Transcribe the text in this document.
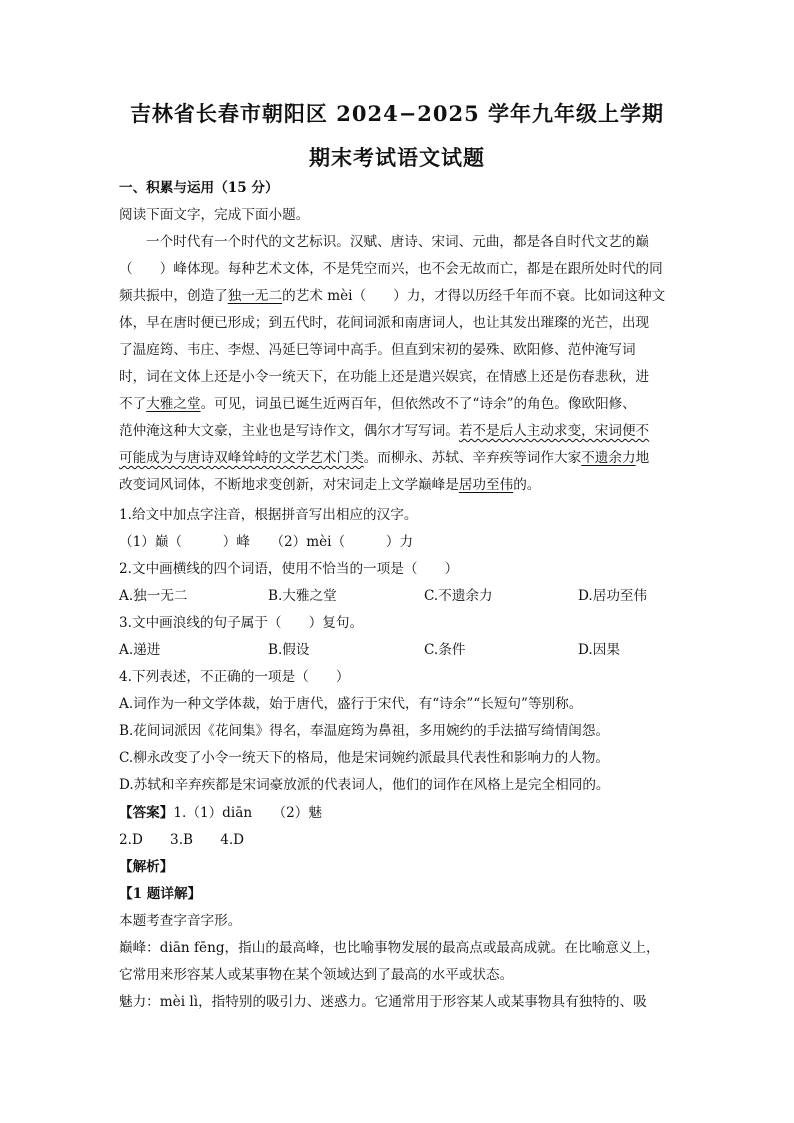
吉林省长春市朝阳区 2024−2025 学年九年级上学期
期末考试语文试题
一、积累与运用（15 分）
阅读下面文字，完成下面小题。
一个时代有一个时代的文艺标识。汉赋、唐诗、宋词、元曲，都是各自时代文艺的巅
（　　）峰体现。每种艺术文体，不是凭空而兴，也不会无故而亡，都是在跟所处时代的同
频共振中，创造了独一无二的艺术 mèi（　　）力，才得以历经千年而不衰。比如词这种文
体，早在唐时便已形成；到五代时，花间词派和南唐词人，也让其发出璀璨的光芒，出现
了温庭筠、韦庄、李煜、冯延巳等词中高手。但直到宋初的晏殊、欧阳修、范仲淹写词
时，词在文体上还是小令一统天下，在功能上还是遣兴娱宾，在情感上还是伤春悲秋，进
不了大雅之堂。可见，词虽已诞生近两百年，但依然改不了“诗余”的角色。像欧阳修、
范仲淹这种大文豪，主业也是写诗作文，偶尔才写写词。若不是后人主动求变，宋词便不
可能成为与唐诗双峰耸峙的文学艺术门类。而柳永、苏轼、辛弃疾等词作大家不遗余力地
改变词风词体，不断地求变创新，对宋词走上文学巅峰是居功至伟的。
1.给文中加点字注音，根据拼音写出相应的汉字。
（1）巅（　　　）峰　　（2）mèi（　　　）力
2.文中画横线的四个词语，使用不恰当的一项是（　　）
A.独一无二	B.大雅之堂	C.不遗余力	D.居功至伟
3.文中画浪线的句子属于（　　）复句。
A.递进	B.假设	C.条件	D.因果
4.下列表述，不正确的一项是（　　）
A.词作为一种文学体裁，始于唐代，盛行于宋代，有“诗余”“长短句”等别称。
B.花间词派因《花间集》得名，奉温庭筠为鼻祖，多用婉约的手法描写绮情闺怨。
C.柳永改变了小令一统天下的格局，他是宋词婉约派最具代表性和影响力的人物。
D.苏轼和辛弃疾都是宋词豪放派的代表词人，他们的词作在风格上是完全相同的。
【答案】1.（1）diān　　（2）魅
2.D　　3.B　　4.D
【解析】
【1 题详解】
本题考查字音字形。
巅峰：diān fēng，指山的最高峰，也比喻事物发展的最高点或最高成就。在比喻意义上，
它常用来形容某人或某事物在某个领域达到了最高的水平或状态。
魅力：mèi lì，指特别的吸引力、迷惑力。它通常用于形容某人或某事物具有独特的、吸
